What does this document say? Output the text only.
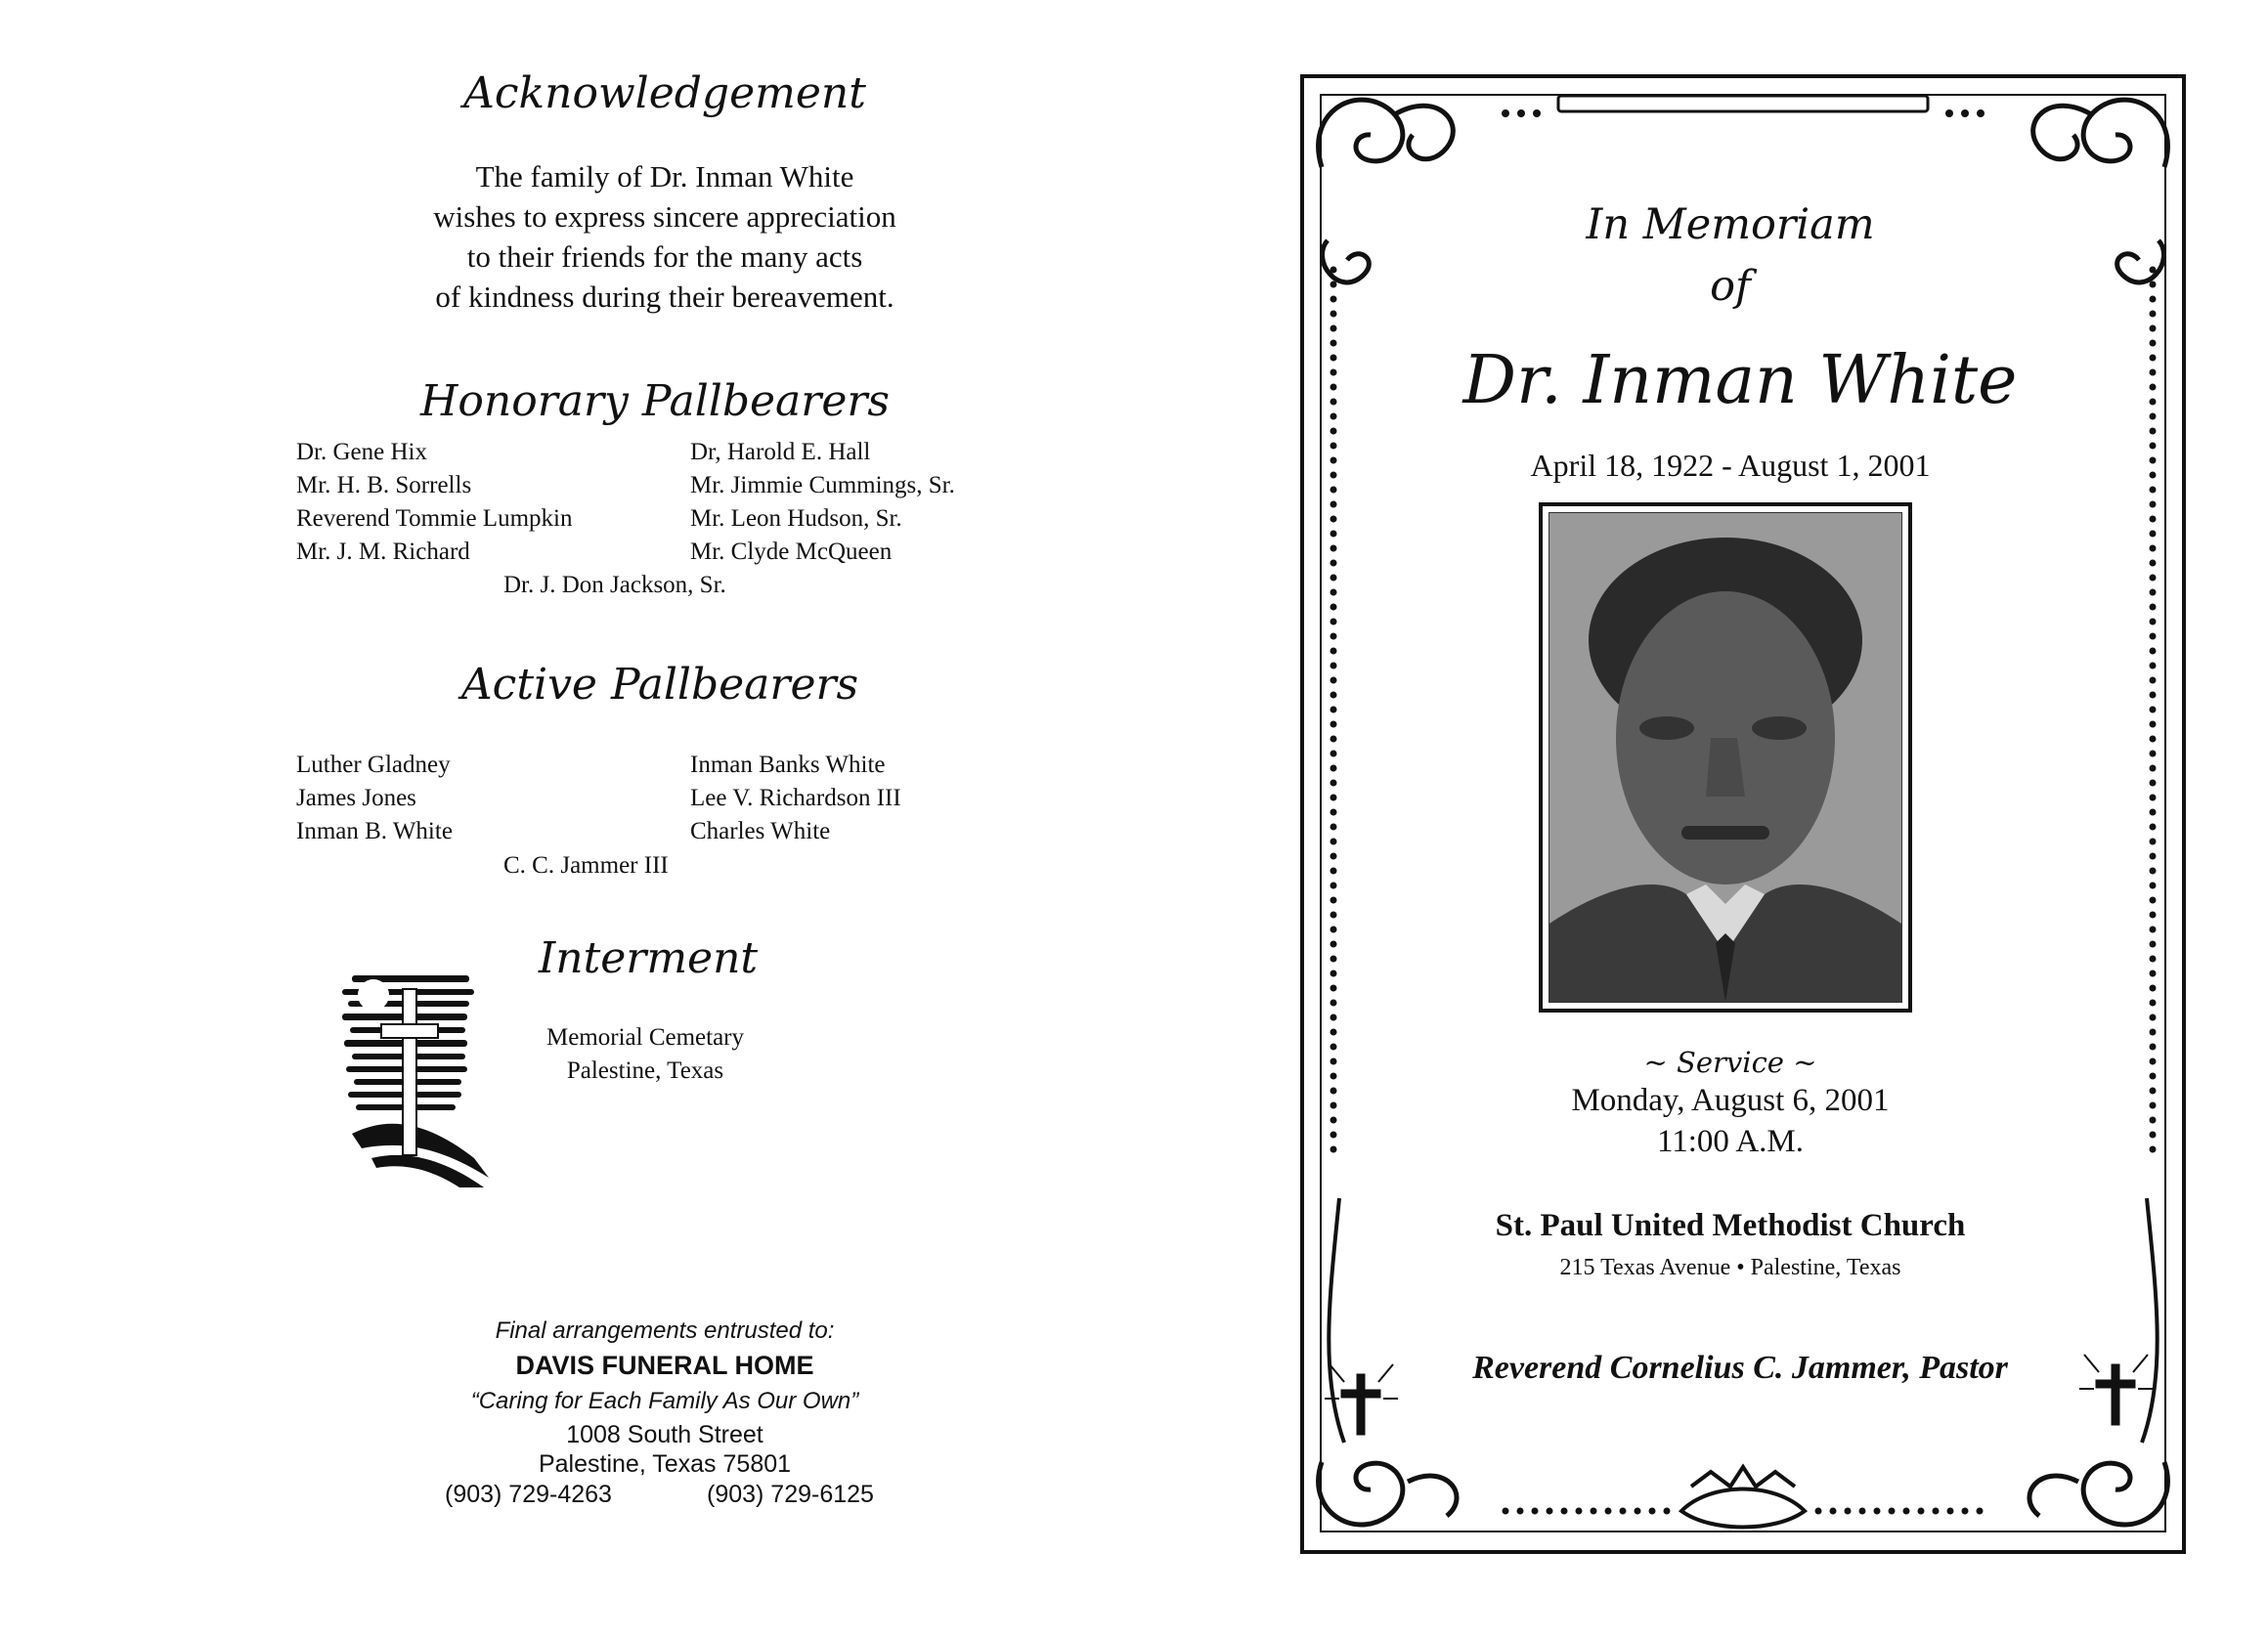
Acknowledgement
The family of Dr. Inman White
wishes to express sincere appreciation
to their friends for the many acts
of kindness during their bereavement.
Honorary Pallbearers
Dr. Gene Hix
Mr. H. B. Sorrells
Reverend Tommie Lumpkin
Mr. J. M. Richard
Dr, Harold E. Hall
Mr. Jimmie Cummings, Sr.
Mr. Leon Hudson, Sr.
Mr. Clyde McQueen
Dr. J. Don Jackson, Sr.
Active Pallbearers
Luther Gladney
James Jones
Inman B. White
Inman Banks White
Lee V. Richardson III
Charles White
C. C. Jammer III
Interment
Memorial Cemetary
Palestine, Texas
Final arrangements entrusted to:
DAVIS FUNERAL HOME
“Caring for Each Family As Our Own”
1008 South Street
Palestine, Texas 75801
(903) 729-4263	(903) 729-6125
In Memoriam
of
Dr. Inman White
April 18, 1922 - August 1, 2001
~ Service ~
Monday, August 6, 2001
11:00 A.M.
St. Paul United Methodist Church
215 Texas Avenue • Palestine, Texas
Reverend Cornelius C. Jammer, Pastor
